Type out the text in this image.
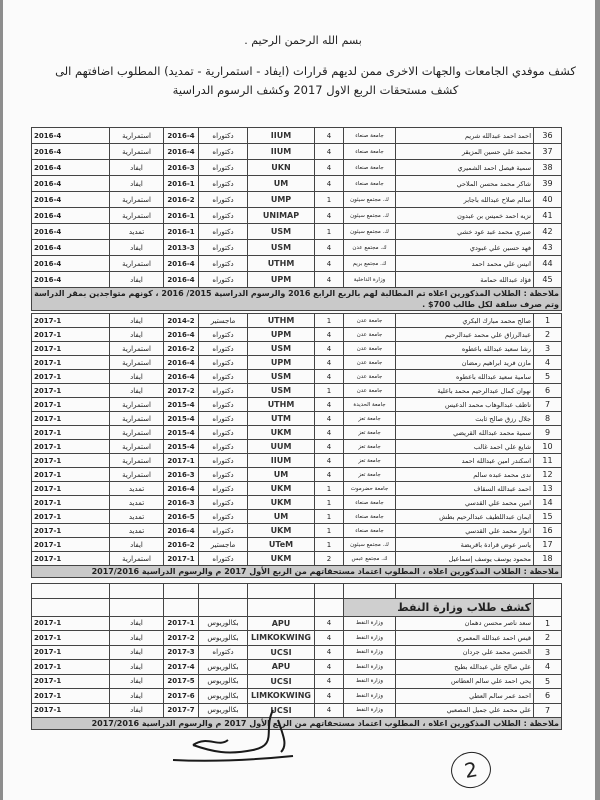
بسم الله الرحمن الرحيم .
كشف موفدي الجامعات والجهات الاخرى ممن لديهم قرارات (ايفاد - استمرارية - تمديد) المطلوب اضافتهم الى كشف مستحقات الربع الاول 2017 وكشف الرسوم الدراسية
36	احمد احمد عبدالله شريم	جامعة صنعاء	4	IIUM	دكتوراه	2016-4	استمرارية	2016-4
37	محمد علي حسين المزيقر	جامعة صنعاء	4	IIUM	دكتوراه	2016-4	استمرارية	2016-4
38	سمية فيصل احمد الشميري	جامعة صنعاء	4	UKN	دكتوراه	2016-3	ايفاد	2016-4
39	شاكر محمد محسن الملاحي	جامعة صنعاء	4	UM	دكتوراه	2016-1	ايفاد	2016-4
40	سالم صلاح عبدالله باجابر	ك. مجتمع سيئون	1	UMP	دكتوراه	2016-2	استمرارية	2016-4
41	نزيه احمد خميس بن عبدون	ك. مجتمع سيئون	4	UNIMAP	دكتوراه	2016-1	استمرارية	2016-4
42	صبري محمد عبد عود خشي	ك. مجتمع سيئون	1	USM	دكتوراه	2016-1	تمديد	2016-4
43	فهد حسين علي عبودي	ك. مجتمع عدن	4	USM	دكتوراه	2013-3	ايفاد	2016-4
44	انيس علي محمد احمد	ك. مجتمع بريم	4	UTHM	دكتوراه	2016-4	استمرارية	2016-4
45	فؤاد عبدالله حمامة	وزارة الداخلية	4	UPM	دكتوراه	2016-4	ايفاد	2016-4
ملاحظة : الطلاب المذكورين اعلاه تم المطالبة لهم بالربع الرابع 2016 والرسوم الدراسية 2015/ 2016 ، كونهم متواجدين بمقر الدراسة وتم صرف سلفة لكل طالب 700$ .								
1	صالح محمد مبارك البكري	جامعة عدن	1	UTHM	ماجستير	2014-2	ايفاد	2017-1
2	عبدالرزاق علي محمد عبدالرحيم	جامعة عدن	4	UPM	دكتوراه	2016-4	ايفاد	2017-1
3	رشا سعيد عبدالله باعطوه	جامعة عدن	4	USM	دكتوراه	2016-2	استمرارية	2017-1
4	مازن فريد ابراهيم رمضان	جامعة عدن	4	UPM	دكتوراه	2016-4	استمرارية	2017-1
5	سامية سعيد عبدالله باعطوه	جامعة عدن	4	USM	دكتوراه	2016-4	ايفاد	2017-1
6	نهوان كمال عبدالرحيم محمد باعلية	جامعة عدن	1	USM	دكتوراه	2017-2	ايفاد	2017-1
7	ناظف عبدالوهاب محمد الدعيس	جامعة الحديدة	4	UTHM	دكتوراه	2015-4	استمرارية	2017-1
8	جلال رزق صالح ثابت	جامعة تعز	4	UTM	دكتوراه	2015-4	استمرارية	2017-1
9	سمية محمد عبدالله القريضي	جامعة تعز	4	UKM	دكتوراه	2015-4	استمرارية	2017-1
10	شايع علي احمد غالب	جامعة تعز	4	UUM	دكتوراه	2015-4	استمرارية	2017-1
11	اسكندر امين عبدالله احمد	جامعة تعز	4	IIUM	دكتوراه	2017-1	استمرارية	2017-1
12	ندى محمد عبده سالم	جامعة تعز	4	UM	دكتوراه	2016-3	استمرارية	2017-1
13	احمد عبدالله السقاف	جامعة حضرموت	1	UKM	دكتوراه	2016-4	تمديد	2017-1
14	امين محمد علي القدسي	جامعة صنعاء	1	UKM	دكتوراه	2016-3	تمديد	2017-1
15	ايمان عبداللطيف عبدالرحيم بطش	جامعة صنعاء	1	UM	دكتوراه	2016-5	تمديد	2017-1
16	انوار محمد علي القدسي	جامعة صنعاء	1	UKM	دكتوراه	2016-4	تمديد	2017-1
17	ياسر عوض قرادة باقريضة	ك. مجتمع سيئون	1	UTeM	ماجستير	2016-2	ايفاد	2017-1
18	محمود يوسف يوسف إسماعيل	ك. مجتمع عبس	2	UKM	دكتوراه	2017-1	استمرارية	2017-1
ملاحظة : الطلاب المذكورين اعلاه ، المطلوب اعتماد مستحقاتهم من الربع الأول 2017 م والرسوم الدراسية 2017/2016								

	كشف طلاب وزارة النفط							
1	سعد ناصر محسن دهمان	وزارة النفط	4	APU	بكالوريوس	2017-1	ايفاد	2017-1
2	قيس احمد عبدالله المعمري	وزارة النفط	4	LIMKOKWING	بكالوريوس	2017-2	ايفاد	2017-1
3	الحسن محمد علي جردان	وزارة النفط	4	UCSI	دكتوراه	2017-3	ايفاد	2017-1
4	علي صالح علي عبدالله بطيح	وزارة النفط	4	APU	بكالوريوس	2017-4	ايفاد	2017-1
5	يحي احمد علي سالم العطاس	وزارة النفط	4	UCSI	بكالوريوس	2017-5	ايفاد	2017-1
6	احمد عمر سالم العطي	وزارة النفط	4	LIMKOKWING	بكالوريوس	2017-6	ايفاد	2017-1
7	علي محمد علي جميل المصعبي	وزارة النفط	4	UCSI	بكالوريوس	2017-7	ايفاد	2017-1
ملاحظة : الطلاب المذكورين اعلاه ، المطلوب اعتماد مستحقاتهم من الربع الأول 2017 م والرسوم الدراسية 2017/2016								
2
